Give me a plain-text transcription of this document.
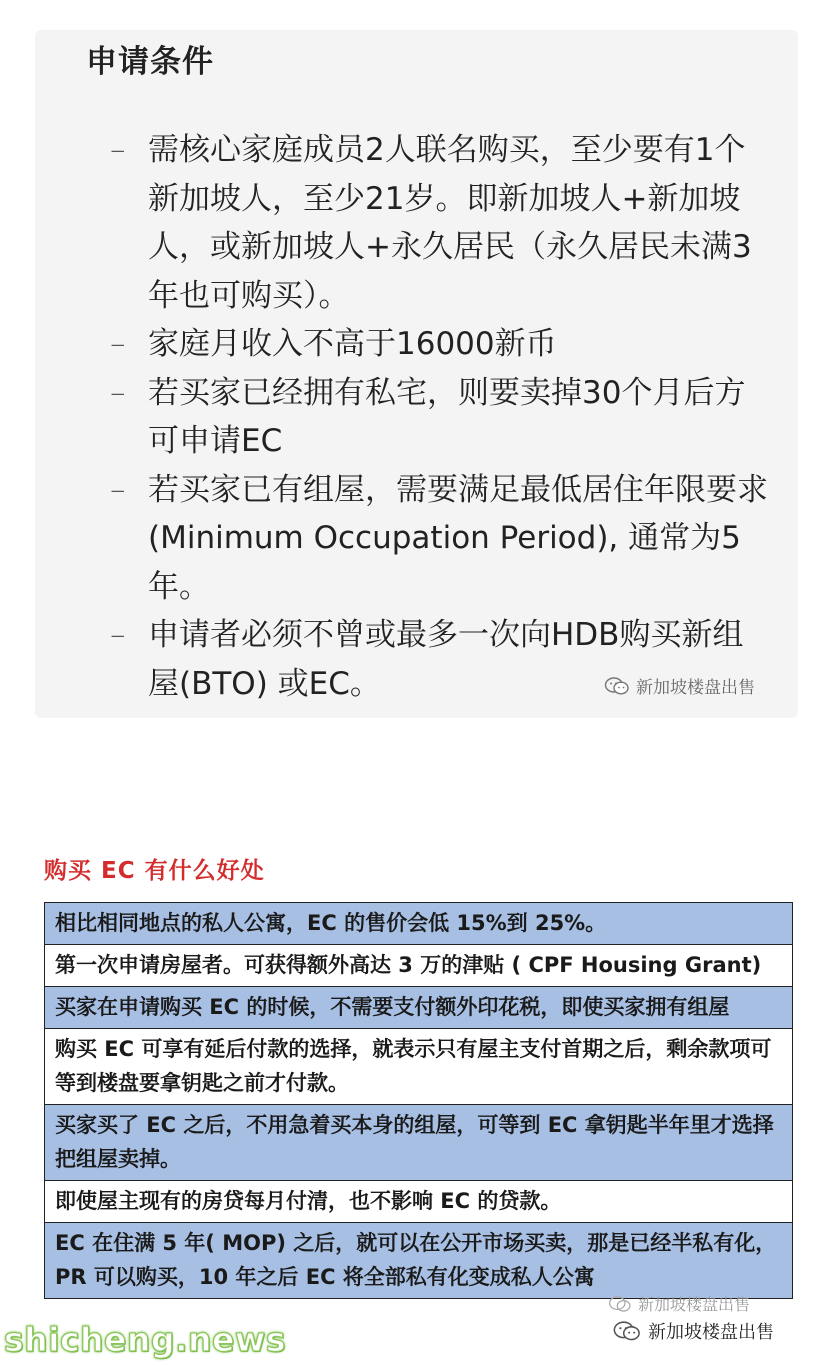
申请条件
– 需核心家庭成员2人联名购买，至少要有1个新加坡人，至少21岁。即新加坡人+新加坡人，或新加坡人+永久居民（永久居民未满3年也可购买）。
– 家庭月收入不高于16000新币
– 若买家已经拥有私宅，则要卖掉30个月后方可申请EC
– 若买家已有组屋，需要满足最低居住年限要求(Minimum Occupation Period), 通常为5年。
– 申请者必须不曾或最多一次向HDB购买新组屋(BTO) 或EC。	新加坡楼盘出售
购买 EC 有什么好处
相比相同地点的私人公寓，EC 的售价会低 15%到 25%。
第一次申请房屋者。可获得额外高达 3 万的津贴 ( CPF Housing Grant)
买家在申请购买 EC 的时候，不需要支付额外印花税，即使买家拥有组屋
购买 EC 可享有延后付款的选择，就表示只有屋主支付首期之后，剩余款项可等到楼盘要拿钥匙之前才付款。
买家买了 EC 之后，不用急着买本身的组屋，可等到 EC 拿钥匙半年里才选择把组屋卖掉。
即使屋主现有的房贷每月付清，也不影响 EC 的贷款。
EC 在住满 5 年( MOP) 之后，就可以在公开市场买卖，那是已经半私有化，PR 可以购买，10 年之后 EC 将全部私有化变成私人公寓
新加坡楼盘出售
新加坡楼盘出售
shicheng.news
